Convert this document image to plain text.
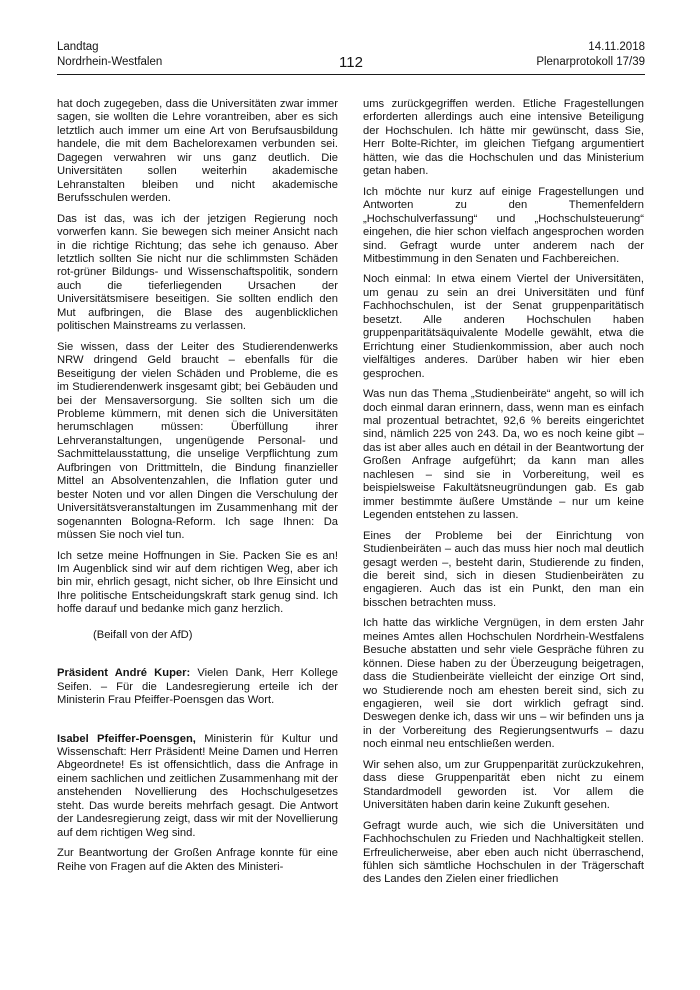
Landtag
Nordrhein-Westfalen
14.11.2018
Plenarprotokoll 17/39
112

hat doch zugegeben, dass die Universitäten zwar immer sagen, sie wollten die Lehre vorantreiben, aber es sich letztlich auch immer um eine Art von Berufsausbildung handele, die mit dem Bachelorexamen verbunden sei. Dagegen verwahren wir uns ganz deutlich. Die Universitäten sollen weiterhin akademische Lehranstalten bleiben und nicht akademische Berufsschulen werden.

Das ist das, was ich der jetzigen Regierung noch vorwerfen kann. Sie bewegen sich meiner Ansicht nach in die richtige Richtung; das sehe ich genauso. Aber letztlich sollten Sie nicht nur die schlimmsten Schäden rot-grüner Bildungs- und Wissenschaftspolitik, sondern auch die tieferliegenden Ursachen der Universitätsmisere beseitigen. Sie sollten endlich den Mut aufbringen, die Blase des augenblicklichen politischen Mainstreams zu verlassen.

Sie wissen, dass der Leiter des Studierendenwerks NRW dringend Geld braucht – ebenfalls für die Beseitigung der vielen Schäden und Probleme, die es im Studierendenwerk insgesamt gibt; bei Gebäuden und bei der Mensaversorgung. Sie sollten sich um die Probleme kümmern, mit denen sich die Universitäten herumschlagen müssen: Überfüllung ihrer Lehrveranstaltungen, ungenügende Personal- und Sachmittelausstattung, die unselige Verpflichtung zum Aufbringen von Drittmitteln, die Bindung finanzieller Mittel an Absolventenzahlen, die Inflation guter und bester Noten und vor allen Dingen die Verschulung der Universitätsveranstaltungen im Zusammenhang mit der sogenannten Bologna-Reform. Ich sage Ihnen: Da müssen Sie noch viel tun.

Ich setze meine Hoffnungen in Sie. Packen Sie es an! Im Augenblick sind wir auf dem richtigen Weg, aber ich bin mir, ehrlich gesagt, nicht sicher, ob Ihre Einsicht und Ihre politische Entscheidungskraft stark genug sind. Ich hoffe darauf und bedanke mich ganz herzlich.

(Beifall von der AfD)

Präsident André Kuper: Vielen Dank, Herr Kollege Seifen. – Für die Landesregierung erteile ich der Ministerin Frau Pfeiffer-Poensgen das Wort.

Isabel Pfeiffer-Poensgen, Ministerin für Kultur und Wissenschaft: Herr Präsident! Meine Damen und Herren Abgeordnete! Es ist offensichtlich, dass die Anfrage in einem sachlichen und zeitlichen Zusammenhang mit der anstehenden Novellierung des Hochschulgesetzes steht. Das wurde bereits mehrfach gesagt. Die Antwort der Landesregierung zeigt, dass wir mit der Novellierung auf dem richtigen Weg sind.

Zur Beantwortung der Großen Anfrage konnte für eine Reihe von Fragen auf die Akten des Ministeri-

ums zurückgegriffen werden. Etliche Fragestellungen erforderten allerdings auch eine intensive Beteiligung der Hochschulen. Ich hätte mir gewünscht, dass Sie, Herr Bolte-Richter, im gleichen Tiefgang argumentiert hätten, wie das die Hochschulen und das Ministerium getan haben.

Ich möchte nur kurz auf einige Fragestellungen und Antworten zu den Themenfeldern „Hochschulverfassung“ und „Hochschulsteuerung“ eingehen, die hier schon vielfach angesprochen worden sind. Gefragt wurde unter anderem nach der Mitbestimmung in den Senaten und Fachbereichen.

Noch einmal: In etwa einem Viertel der Universitäten, um genau zu sein an drei Universitäten und fünf Fachhochschulen, ist der Senat gruppenparitätisch besetzt. Alle anderen Hochschulen haben gruppenparitätsäquivalente Modelle gewählt, etwa die Errichtung einer Studienkommission, aber auch noch vielfältiges anderes. Darüber haben wir hier eben gesprochen.

Was nun das Thema „Studienbeiräte“ angeht, so will ich doch einmal daran erinnern, dass, wenn man es einfach mal prozentual betrachtet, 92,6 % bereits eingerichtet sind, nämlich 225 von 243. Da, wo es noch keine gibt – das ist aber alles auch en détail in der Beantwortung der Großen Anfrage aufgeführt; da kann man alles nachlesen – sind sie in Vorbereitung, weil es beispielsweise Fakultätsneugründungen gab. Es gab immer bestimmte äußere Umstände – nur um keine Legenden entstehen zu lassen.

Eines der Probleme bei der Einrichtung von Studienbeiräten – auch das muss hier noch mal deutlich gesagt werden –, besteht darin, Studierende zu finden, die bereit sind, sich in diesen Studienbeiräten zu engagieren. Auch das ist ein Punkt, den man ein bisschen betrachten muss.

Ich hatte das wirkliche Vergnügen, in dem ersten Jahr meines Amtes allen Hochschulen Nordrhein-Westfalens Besuche abstatten und sehr viele Gespräche führen zu können. Diese haben zu der Überzeugung beigetragen, dass die Studienbeiräte vielleicht der einzige Ort sind, wo Studierende noch am ehesten bereit sind, sich zu engagieren, weil sie dort wirklich gefragt sind. Deswegen denke ich, dass wir uns – wir befinden uns ja in der Vorbereitung des Regierungsentwurfs – dazu noch einmal neu entschließen werden.

Wir sehen also, um zur Gruppenparität zurückzukehren, dass diese Gruppenparität eben nicht zu einem Standardmodell geworden ist. Vor allem die Universitäten haben darin keine Zukunft gesehen.

Gefragt wurde auch, wie sich die Universitäten und Fachhochschulen zu Frieden und Nachhaltigkeit stellen. Erfreulicherweise, aber eben auch nicht überraschend, fühlen sich sämtliche Hochschulen in der Trägerschaft des Landes den Zielen einer friedlichen
